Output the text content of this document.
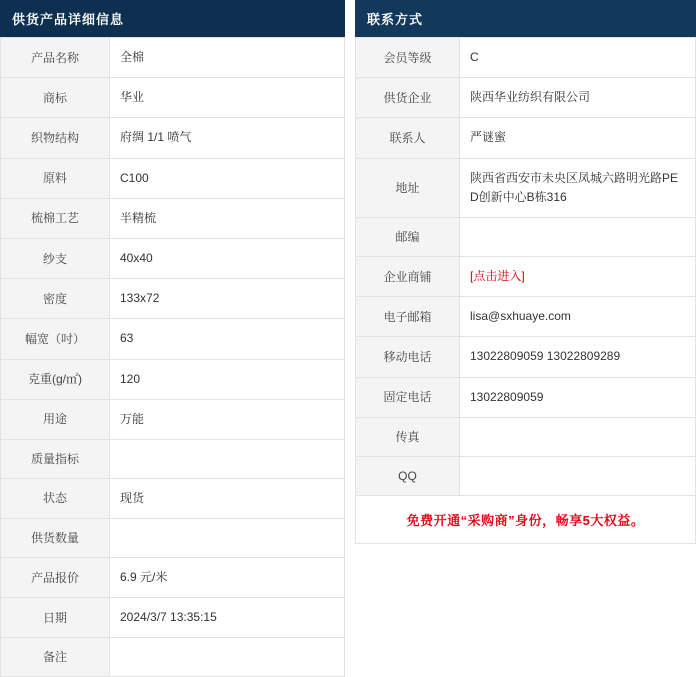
供货产品详细信息
产品名称	全棉
商标	华业
织物结构	府绸 1/1 喷气
原料	C100
梳棉工艺	半精梳
纱支	40x40
密度	133x72
幅宽（吋）	63
克重(g/㎡)	120
用途	万能
质量指标	
状态	现货
供货数量	
产品报价	6.9 元/米
日期	2024/3/7 13:35:15
备注	
联系方式
会员等级	C
供货企业	陕西华业纺织有限公司
联系人	严谜蜜
地址	陕西省西安市未央区凤城六路明光路PED创新中心B栋316
邮编	
企业商铺	[点击进入]
电子邮箱	lisa@sxhuaye.com
移动电话	13022809059 13022809289
固定电话	13022809059
传真	
QQ	
免费开通“采购商”身份，畅享5大权益。
